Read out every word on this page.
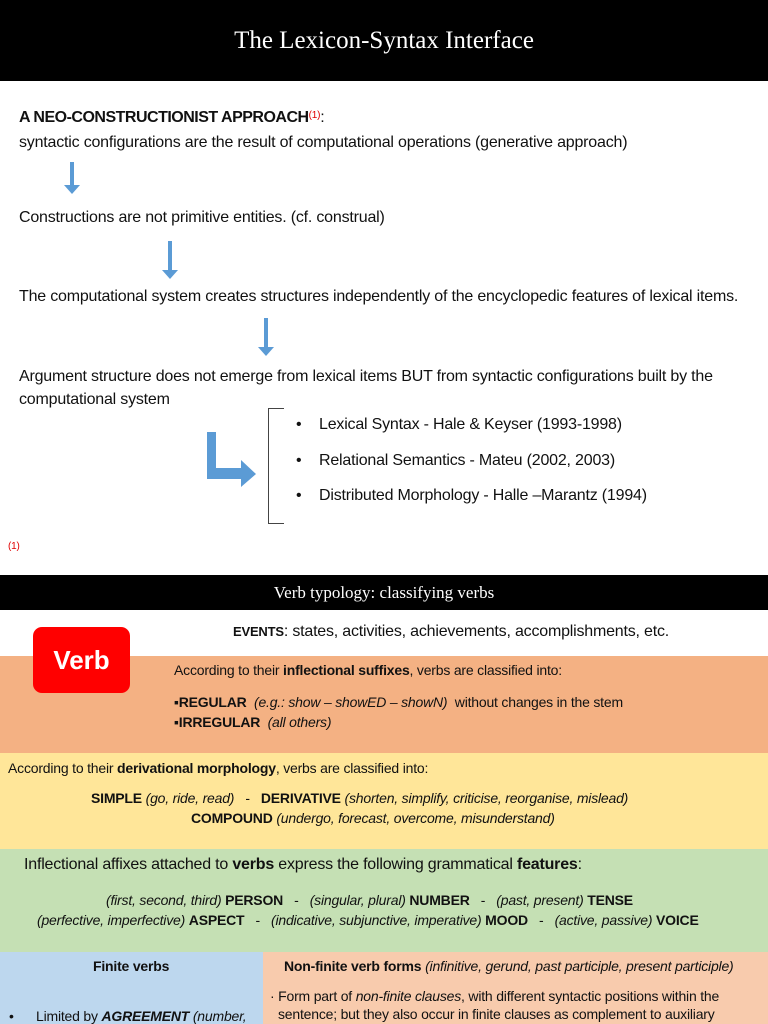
The Lexicon-Syntax Interface
A NEO-CONSTRUCTIONIST APPROACH$^{(1)}$:
syntactic configurations are the result of computational operations (generative approach)
Constructions are not primitive entities. (cf. construal)
The computational system creates structures independently of the encyclopedic features of lexical items.
Argument structure does not emerge from lexical items BUT from syntactic configurations built by the
computational system
• Lexical Syntax - Hale & Keyser (1993-1998)
• Relational Semantics - Mateu (2002, 2003)
• Distributed Morphology - Halle –Marantz (1994)
(1)
Verb typology: classifying verbs
EVENTS: states, activities, achievements, accomplishments, etc.
Verb	According to their inflectional suffixes, verbs are classified into:
▪REGULAR (e.g.: show – showED – showN) without changes in the stem
▪IRREGULAR (all others)
According to their derivational morphology, verbs are classified into:
SIMPLE (go, ride, read) - DERIVATIVE (shorten, simplify, criticise, reorganise, mislead)
COMPOUND (undergo, forecast, overcome, misunderstand)
Inflectional affixes attached to verbs express the following grammatical features:
(first, second, third) PERSON - (singular, plural) NUMBER - (past, present) TENSE
(perfective, imperfective) ASPECT - (indicative, subjunctive, imperative) MOOD - (active, passive) VOICE
Finite verbs
• Limited by AGREEMENT (number,
Non-finite verb forms (infinitive, gerund, past participle, present participle)
· Form part of non-finite clauses, with different syntactic positions within the
sentence; but they also occur in finite clauses as complement to auxiliary
